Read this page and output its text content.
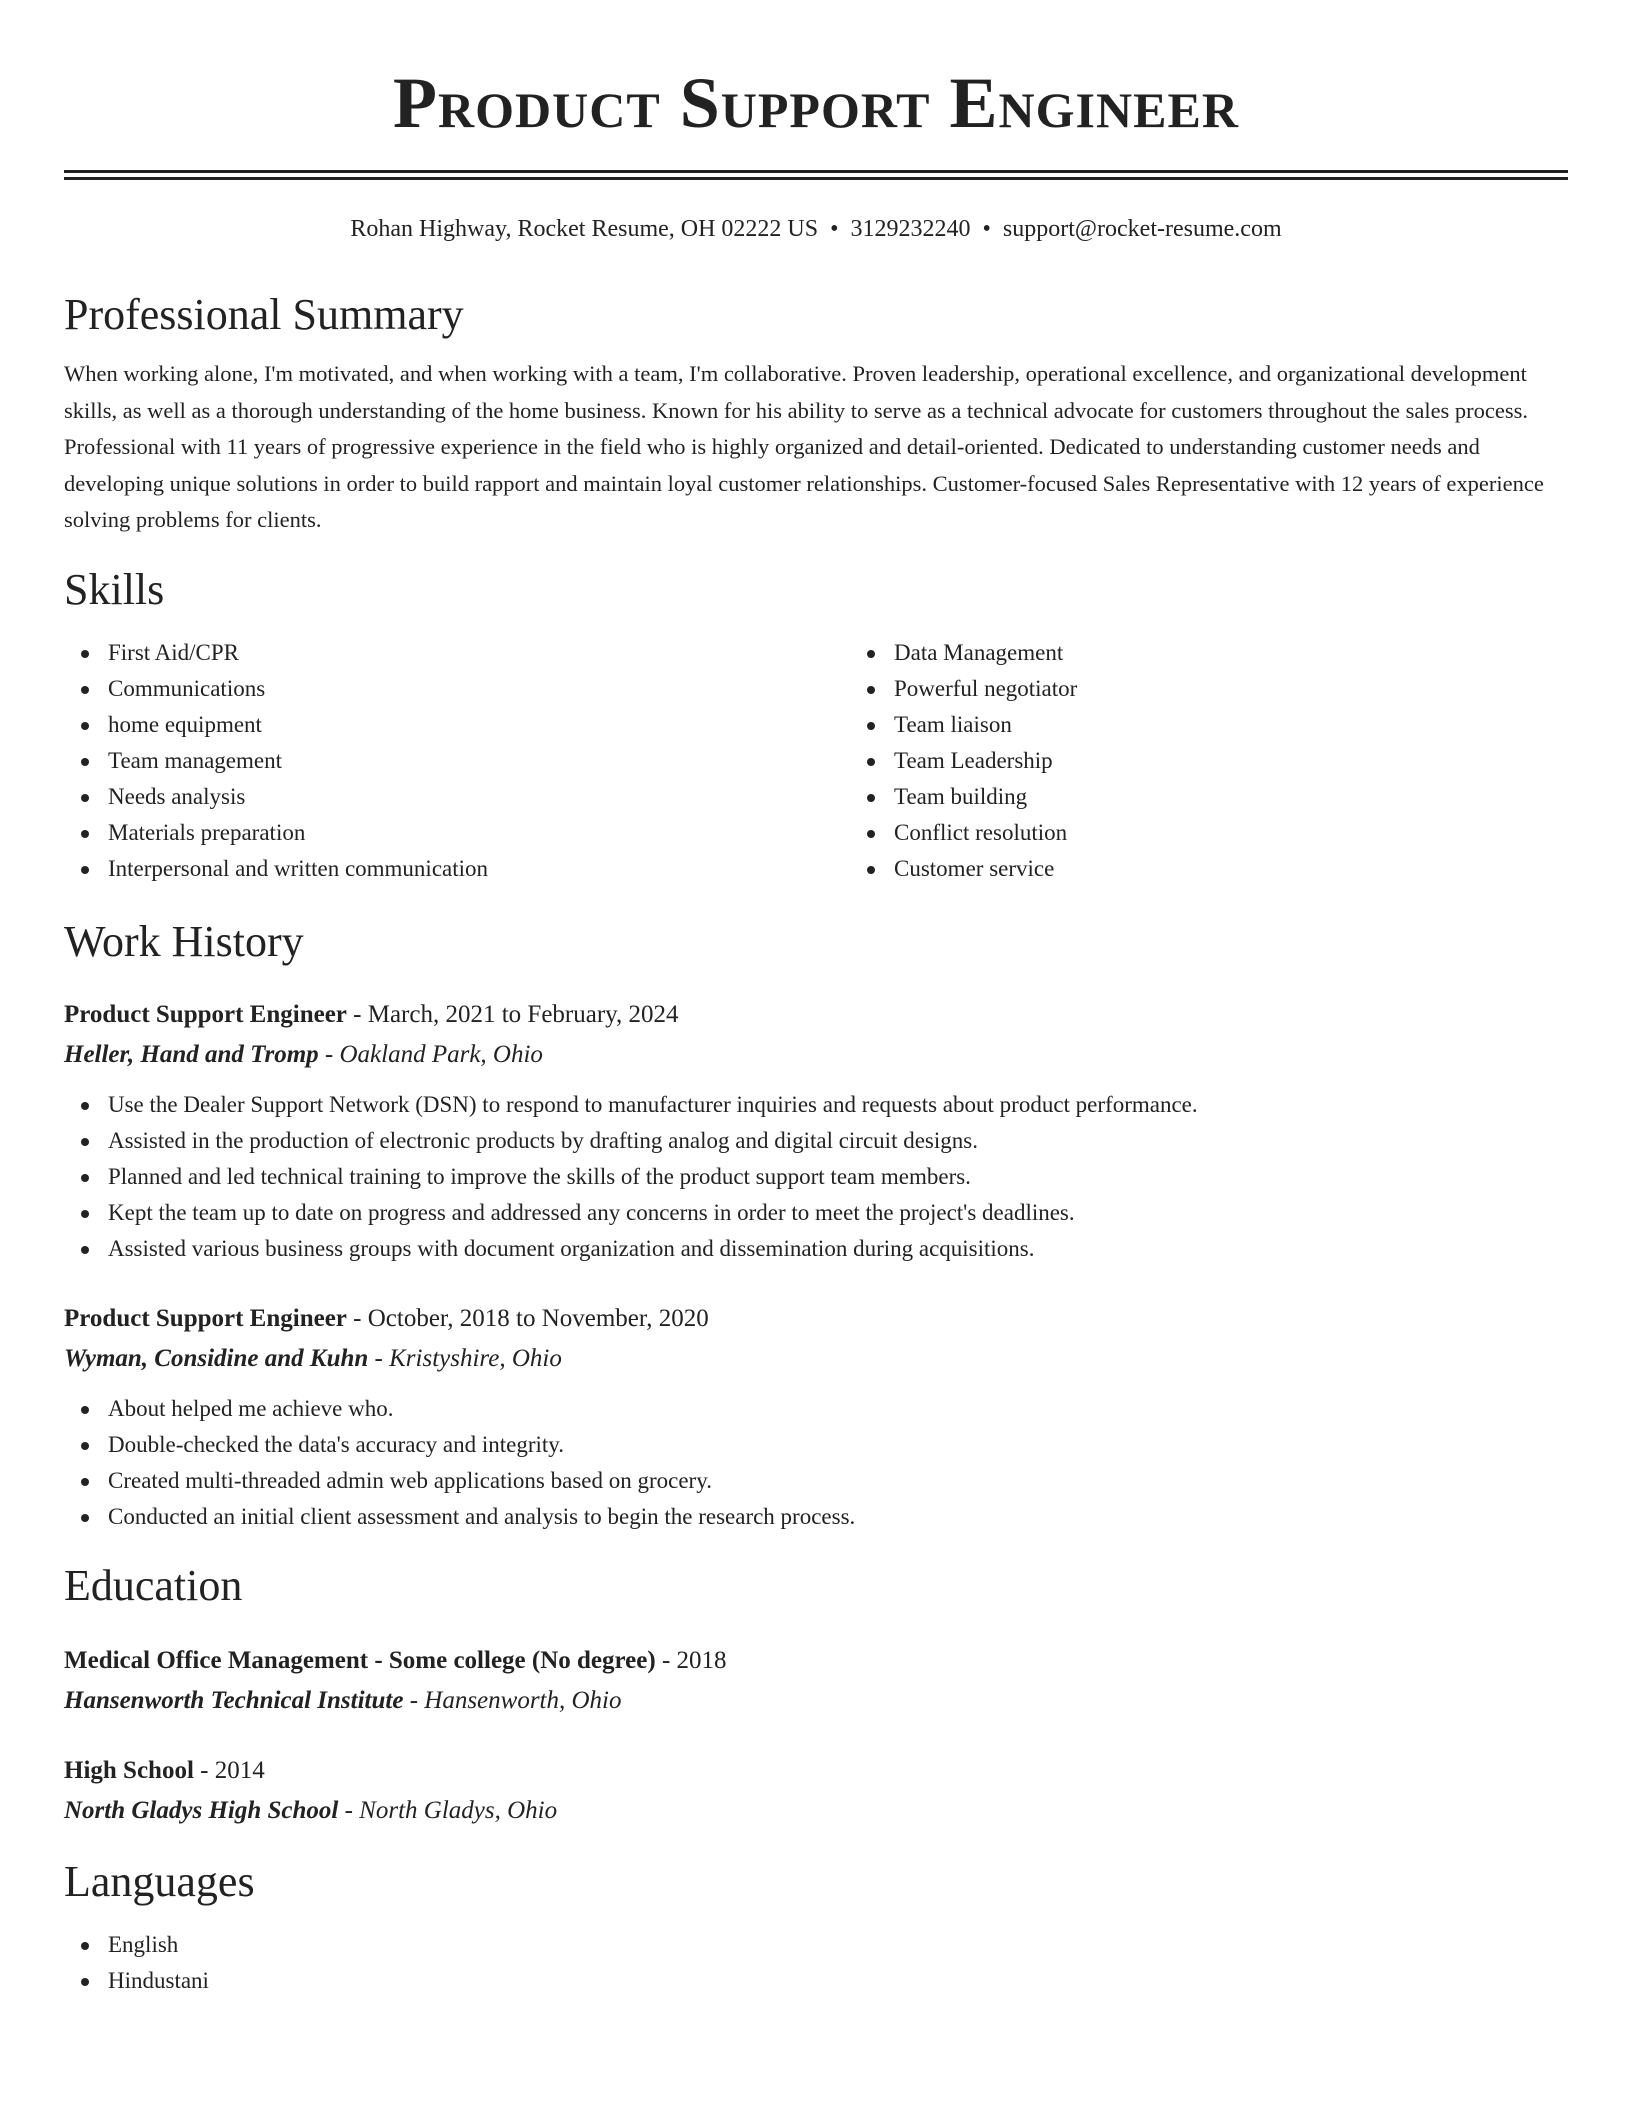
Product Support Engineer
Rohan Highway, Rocket Resume, OH 02222 US • 3129232240 • support@rocket-resume.com
Professional Summary

When working alone, I'm motivated, and when working with a team, I'm collaborative. Proven leadership, operational excellence, and organizational development skills, as well as a thorough understanding of the home business. Known for his ability to serve as a technical advocate for customers throughout the sales process. Professional with 11 years of progressive experience in the field who is highly organized and detail-oriented. Dedicated to understanding customer needs and developing unique solutions in order to build rapport and maintain loyal customer relationships. Customer-focused Sales Representative with 12 years of experience solving problems for clients.

Skills
First Aid/CPR
Communications
home equipment
Team management
Needs analysis
Materials preparation
Interpersonal and written communication
Data Management
Powerful negotiator
Team liaison
Team Leadership
Team building
Conflict resolution
Customer service
Work History
Product Support Engineer - March, 2021 to February, 2024
Heller, Hand and Tromp - Oakland Park, Ohio
Use the Dealer Support Network (DSN) to respond to manufacturer inquiries and requests about product performance.
Assisted in the production of electronic products by drafting analog and digital circuit designs.
Planned and led technical training to improve the skills of the product support team members.
Kept the team up to date on progress and addressed any concerns in order to meet the project's deadlines.
Assisted various business groups with document organization and dissemination during acquisitions.
Product Support Engineer - October, 2018 to November, 2020
Wyman, Considine and Kuhn - Kristyshire, Ohio
About helped me achieve who.
Double-checked the data's accuracy and integrity.
Created multi-threaded admin web applications based on grocery.
Conducted an initial client assessment and analysis to begin the research process.
Education
Medical Office Management - Some college (No degree) - 2018
Hansenworth Technical Institute - Hansenworth, Ohio
High School - 2014
North Gladys High School - North Gladys, Ohio
Languages
English
Hindustani
